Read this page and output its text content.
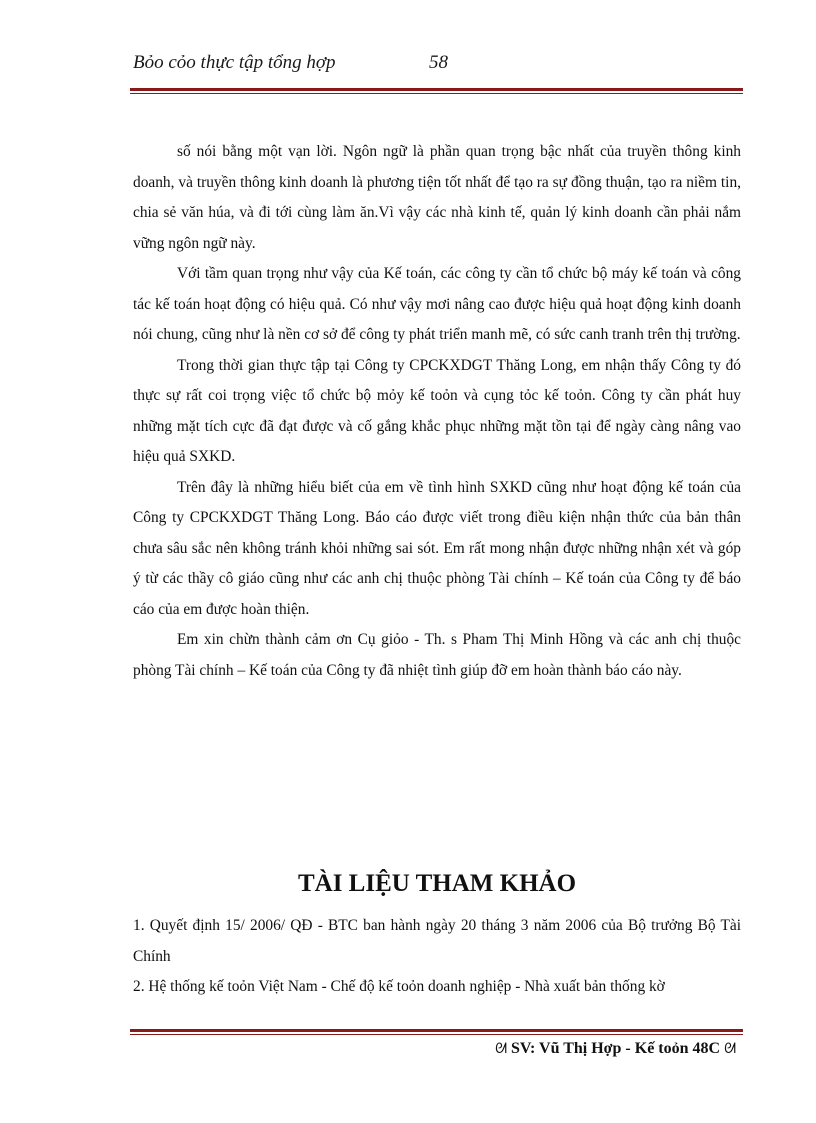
Bỏo cỏo thực tập tổng hợp	58

số nói bằng một vạn lời. Ngôn ngữ là phần quan trọng bậc nhất của truyền thông kinh doanh, và truyền thông kinh doanh là phương tiện tốt nhất để tạo ra sự đồng thuận, tạo ra niềm tin, chia sẻ văn húa, và đi tới cùng làm ăn.Vì vậy các nhà kinh tế, quản lý kinh doanh cần phải nắm vững ngôn ngữ này.

Với tầm quan trọng như vậy của Kế toán, các công ty cần tổ chức bộ máy kế toán và công tác kế toán hoạt động có hiệu quả. Có như vậy mơi nâng cao được hiệu quả hoạt động kinh doanh nói chung, cũng như là nền cơ sở để công ty phát triển manh mẽ, có sức canh tranh trên thị trường.

Trong thời gian thực tập tại Công ty CPCKXDGT Thăng Long, em nhận thấy Công ty đó thực sự rất coi trọng việc tổ chức bộ mỏy kế toỏn và cụng tỏc kế toỏn. Công ty cần phát huy những mặt tích cực đã đạt được và cố gắng khắc phục những mặt tồn tại để ngày càng nâng vao hiệu quả SXKD.

Trên đây là những hiểu biết của em về tình hình SXKD cũng như hoạt động kế toán của Công ty CPCKXDGT Thăng Long. Báo cáo được viết trong điều kiện nhận thức của bản thân chưa sâu sắc nên không tránh khỏi những sai sót. Em rất mong nhận được những nhận xét và góp ý từ các thầy cô giáo cũng như các anh chị thuộc phòng Tài chính – Kế toán của Công ty để báo cáo của em được hoàn thiện.

Em xin chừn thành cảm ơn Cụ giỏo - Th. s Pham Thị Minh Hồng và các anh chị thuộc phòng Tài chính – Kế toán của Công ty đã nhiệt tình giúp đỡ em hoàn thành báo cáo này.

TÀI LIỆU THAM KHẢO

1. Quyết định 15/ 2006/ QĐ - BTC ban hành ngày 20 tháng 3 năm 2006 của Bộ trưởng Bộ Tài Chính

2. Hệ thống kế toỏn Việt Nam - Chế độ kế toỏn doanh nghiệp - Nhà xuất bản thống kờ

ᘛ SV: Vũ Thị Hợp - Kế toỏn 48C ᘛ
